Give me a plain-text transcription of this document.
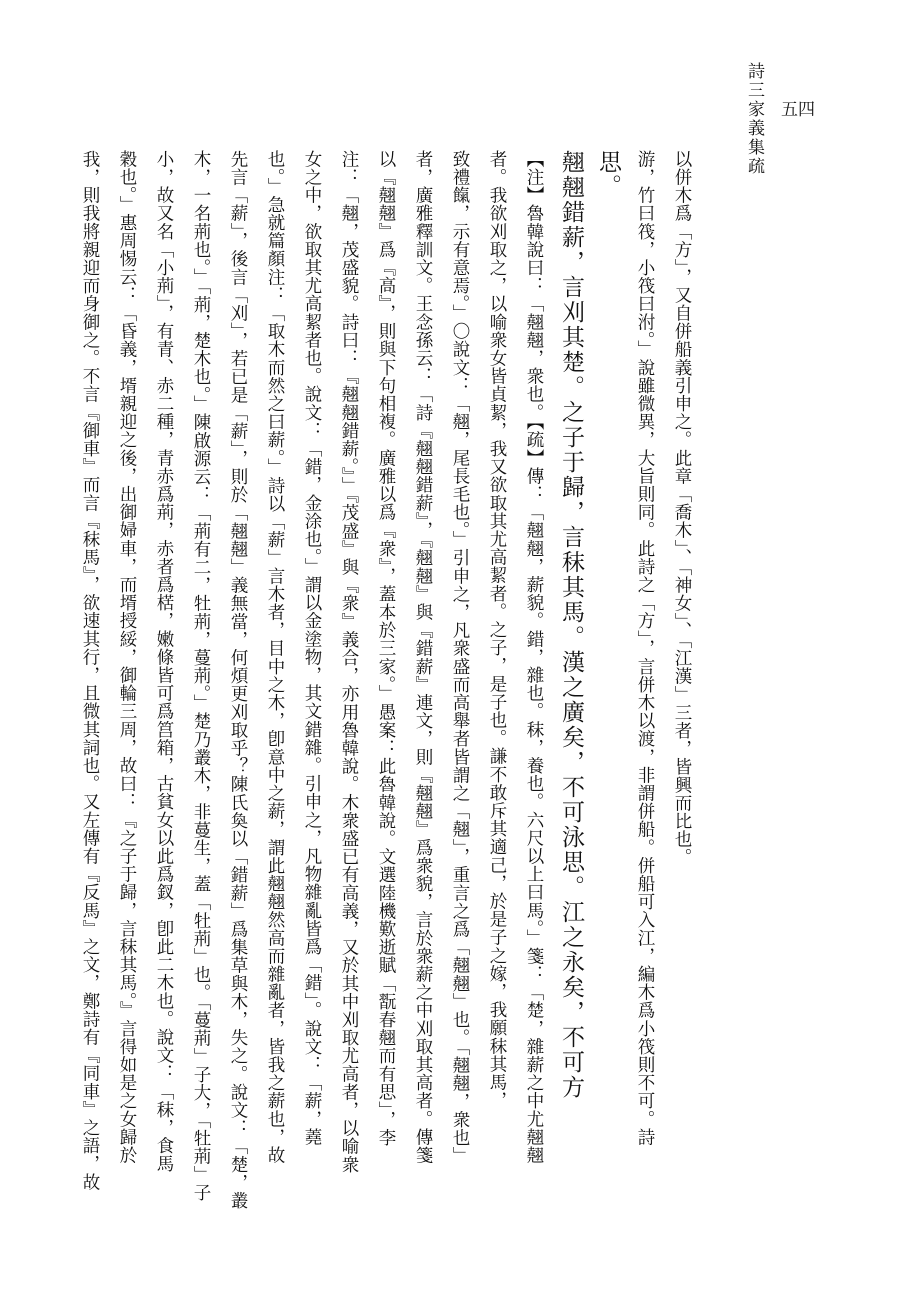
詩三家義集疏	五四

以併木爲「方」，又自併船義引申之。此章「喬木」、「神女」、「江漢」三者，皆興而比也。

游，竹曰筏，小筏曰泭。」說雖微異，大旨則同。此詩之「方」，言併木以渡，非謂併船。併船可入江，編木爲小筏則不可。詩

思。

翹翹錯薪，言刈其楚。之子于歸，言秣其馬。漢之廣矣，不可泳思。江之永矣，不可方

【注】魯韓說曰：「翹翹，衆也。【疏】傳：「翹翹，薪貌。錯，雜也。秣，養也。六尺以上曰馬。」箋：「楚，雜薪之中尤翹翹

者。我欲刈取之，以喻衆女皆貞絜，我又欲取其尤高絜者。之子，是子也。謙不敢斥其適己，於是子之嫁，我願秣其馬，

致禮餼，示有意焉。」〇說文：「翹，尾長毛也。」引申之，凡衆盛而高舉者皆謂之「翹」，重言之爲「翹翹」也。「翹翹，衆也」

者，廣雅釋訓文。王念孫云：「詩『翹翹錯薪』，『翹翹』與『錯薪』連文，則『翹翹』爲衆貌，言於衆薪之中刈取其高者。傳箋

以『翹翹』爲『高』，則與下句相複。廣雅以爲『衆』，蓋本於三家。」愚案：此魯韓說。文選陸機歎逝賦「翫春翹而有思」，李

注：「翹，茂盛貌。詩曰：『翹翹錯薪。』」『茂盛』與『衆』義合，亦用魯韓說。木衆盛已有高義，又於其中刈取尤高者，以喻衆

女之中，欲取其尤高絜者也。說文：「錯，金涂也。」謂以金塗物，其文錯雜。引申之，凡物雜亂皆爲「錯」。說文：「薪，蕘

也。」急就篇顏注：「取木而然之曰薪。」詩以「薪」言木者，目中之木，卽意中之薪，謂此翹翹然高而雜亂者，皆我之薪也，故

先言「薪」，後言「刈」，若已是「薪」，則於「翹翹」義無當，何煩更刈取乎？陳氏奐以「錯薪」爲集草與木，失之。說文：「楚，叢

木，一名荊也。」「荊，楚木也。」陳啟源云：「荊有二，牡荊，蔓荊。」楚乃叢木，非蔓生，蓋「牡荊」也。「蔓荊」子大，「牡荊」子

小，故又名「小荊」，有青、赤二種，青赤爲荊，赤者爲楛，嫩條皆可爲筥箱，古貧女以此爲釵，卽此二木也。說文：「秣，食馬

穀也。」惠周惕云：「昏義，壻親迎之後，出御婦車，而壻授綏，御輪三周，故曰：『之子于歸，言秣其馬。』言得如是之女歸於

我，則我將親迎而身御之。不言『御車』而言『秣馬』，欲速其行，且微其詞也。又左傳有『反馬』之文，鄭詩有『同車』之語，故
